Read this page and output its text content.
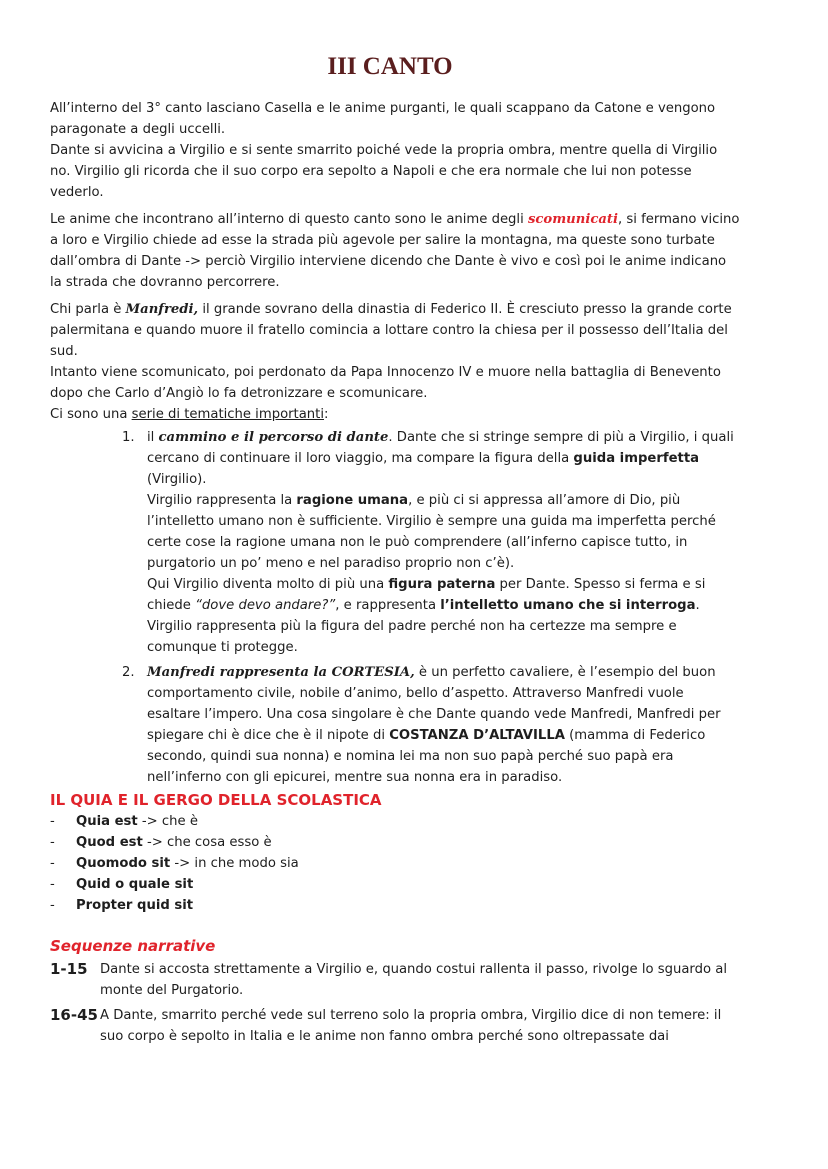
III CANTO

All’interno del 3° canto lasciano Casella e le anime purganti, le quali scappano da Catone e vengono paragonate a degli uccelli.

Dante si avvicina a Virgilio e si sente smarrito poiché vede la propria ombra, mentre quella di Virgilio no. Virgilio gli ricorda che il suo corpo era sepolto a Napoli e che era normale che lui non potesse vederlo.

Le anime che incontrano all’interno di questo canto sono le anime degli scomunicati, si fermano vicino a loro e Virgilio chiede ad esse la strada più agevole per salire la montagna, ma queste sono turbate dall’ombra di Dante -> perciò Virgilio interviene dicendo che Dante è vivo e così poi le anime indicano la strada che dovranno percorrere.

Chi parla è Manfredi, il grande sovrano della dinastia di Federico II. È cresciuto presso la grande corte palermitana e quando muore il fratello comincia a lottare contro la chiesa per il possesso dell’Italia del sud.

Intanto viene scomunicato, poi perdonato da Papa Innocenzo IV e muore nella battaglia di Benevento dopo che Carlo d’Angiò lo fa detronizzare e scomunicare.

Ci sono una serie di tematiche importanti:

1. il cammino e il percorso di dante. Dante che si stringe sempre di più a Virgilio, i quali cercano di continuare il loro viaggio, ma compare la figura della guida imperfetta (Virgilio).
Virgilio rappresenta la ragione umana, e più ci si appressa all’amore di Dio, più l’intelletto umano non è sufficiente. Virgilio è sempre una guida ma imperfetta perché certe cose la ragione umana non le può comprendere (all’inferno capisce tutto, in purgatorio un po’ meno e nel paradiso proprio non c’è).
Qui Virgilio diventa molto di più una figura paterna per Dante. Spesso si ferma e si chiede “dove devo andare?”, e rappresenta l’intelletto umano che si interroga.
Virgilio rappresenta più la figura del padre perché non ha certezze ma sempre e comunque ti protegge.
2. Manfredi rappresenta la CORTESIA, è un perfetto cavaliere, è l’esempio del buon comportamento civile, nobile d’animo, bello d’aspetto. Attraverso Manfredi vuole esaltare l’impero. Una cosa singolare è che Dante quando vede Manfredi, Manfredi per spiegare chi è dice che è il nipote di COSTANZA D’ALTAVILLA (mamma di Federico secondo, quindi sua nonna) e nomina lei ma non suo papà perché suo papà era nell’inferno con gli epicurei, mentre sua nonna era in paradiso.
IL QUIA E IL GERGO DELLA SCOLASTICA
- Quia est -> che è
- Quod est -> che cosa esso è
- Quomodo sit -> in che modo sia
- Quid o quale sit
- Propter quid sit
Sequenze narrative
1-15 Dante si accosta strettamente a Virgilio e, quando costui rallenta il passo, rivolge lo sguardo al monte del Purgatorio.
16-45 A Dante, smarrito perché vede sul terreno solo la propria ombra, Virgilio dice di non temere: il suo corpo è sepolto in Italia e le anime non fanno ombra perché sono oltrepassate dai
